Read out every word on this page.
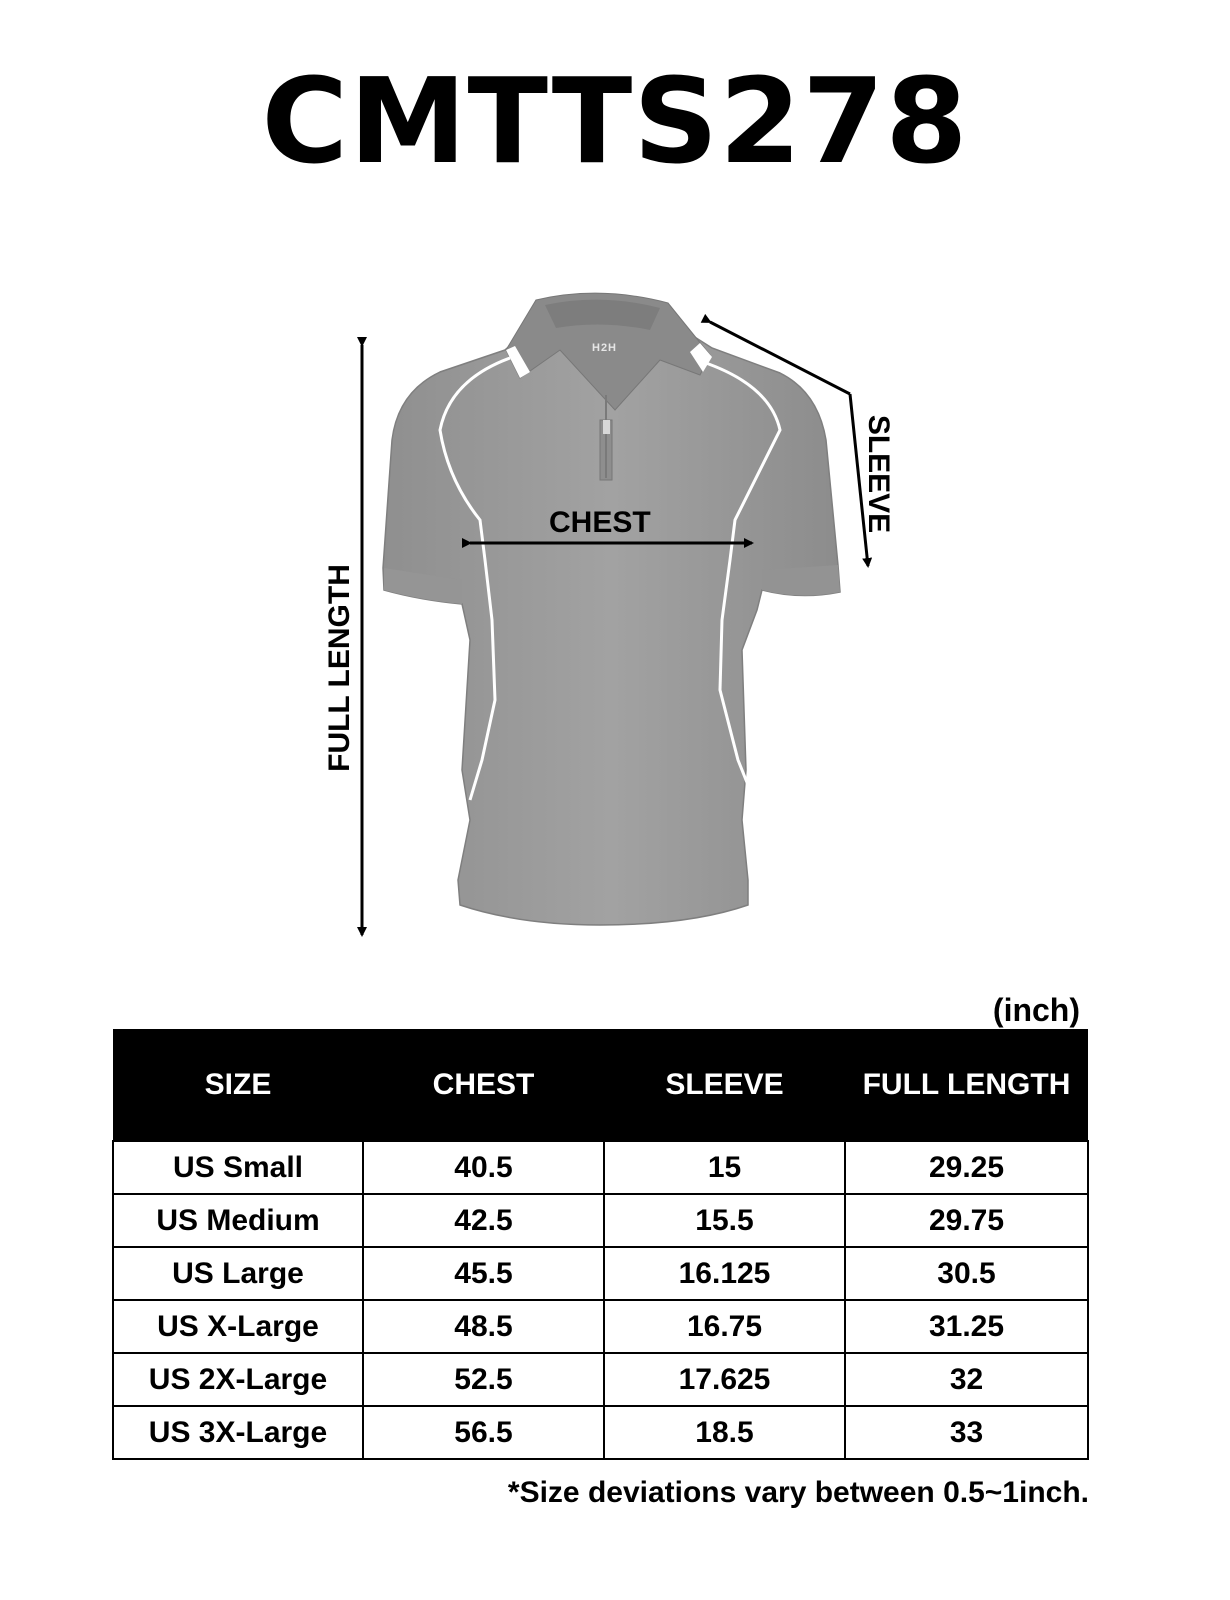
CMTTS278
H2H
CHEST
FULL LENGTH
SLEEVE
(inch)
SIZE	CHEST	SLEEVE	FULL LENGTH
US Small	40.5	15	29.25
US Medium	42.5	15.5	29.75
US Large	45.5	16.125	30.5
US X-Large	48.5	16.75	31.25
US 2X-Large	52.5	17.625	32
US 3X-Large	56.5	18.5	33
*Size deviations vary between 0.5~1inch.
